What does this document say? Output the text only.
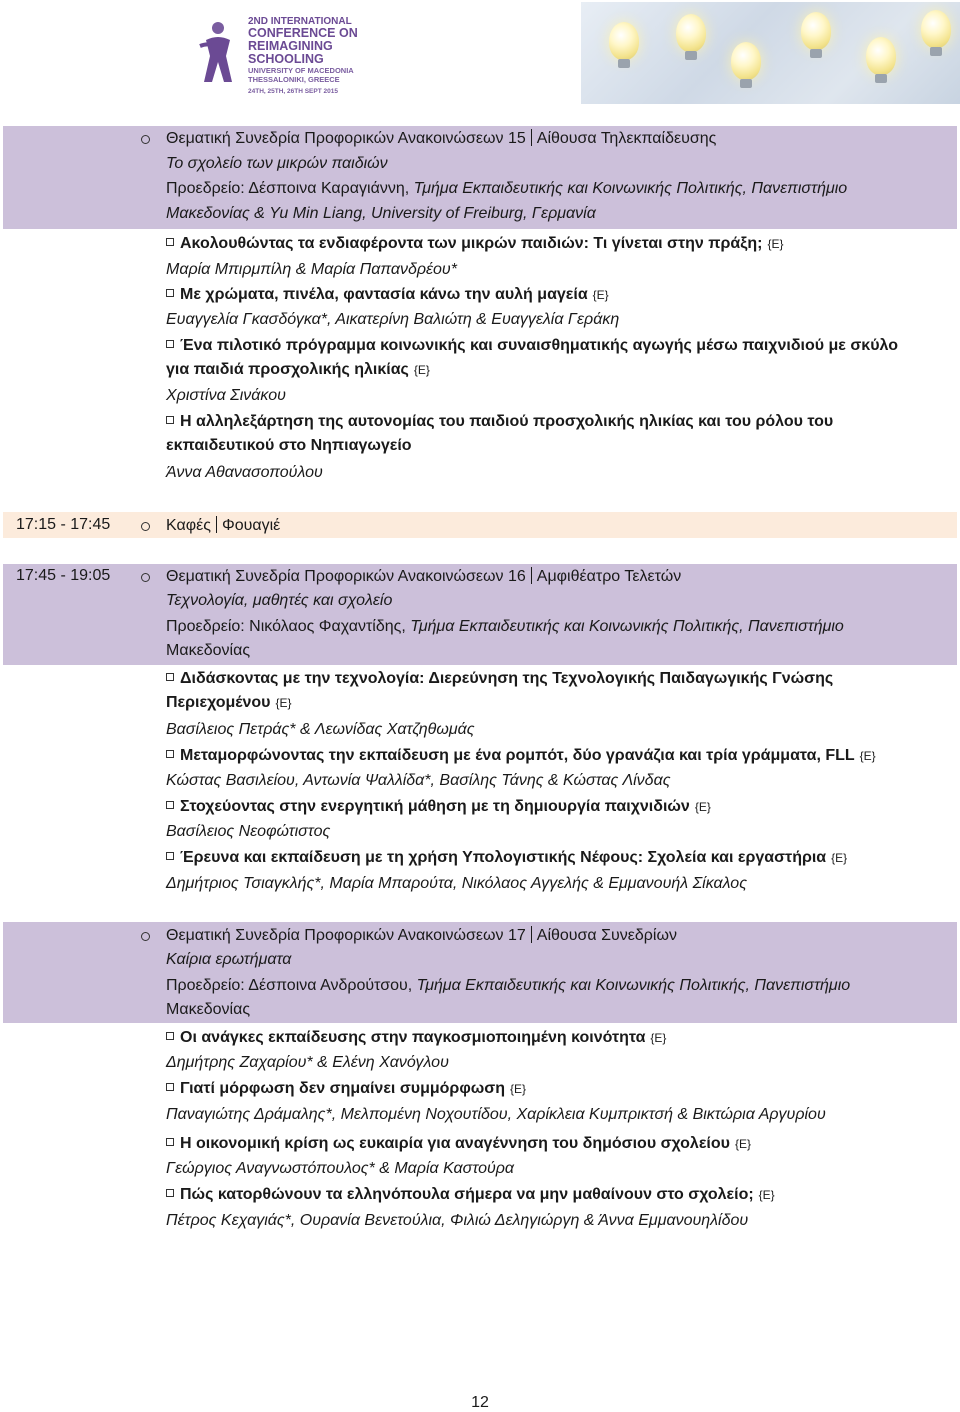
2ND INTERNATIONAL
CONFERENCE ON
REIMAGINING
SCHOOLING
UNIVERSITY OF MACEDONIA
THESSALONIKI, GREECE
24TH, 25TH, 26TH SEPT 2015
Θεματική Συνεδρία Προφορικών Ανακοινώσεων 15 Αίθουσα Τηλεκπαίδευσης
Το σχολείο των μικρών παιδιών
Προεδρείο: Δέσποινα Καραγιάννη, Τμήμα Εκπαιδευτικής και Κοινωνικής Πολιτικής, Πανεπιστήμιο
Μακεδονίας & Yu Min Liang, University of Freiburg, Γερμανία
Ακολουθώντας τα ενδιαφέροντα των μικρών παιδιών: Τι γίνεται στην πράξη; {E}
Μαρία Μπιρμπίλη & Μαρία Παπανδρέου*
Με χρώματα, πινέλα, φαντασία κάνω την αυλή μαγεία {E}
Ευαγγελία Γκασδόγκα*, Αικατερίνη Βαλιώτη & Ευαγγελία Γεράκη
Ένα πιλοτικό πρόγραμμα κοινωνικής και συναισθηματικής αγωγής μέσω παιχνιδιού με σκύλο
για παιδιά προσχολικής ηλικίας {E}
Χριστίνα Σινάκου
Η αλληλεξάρτηση της αυτονομίας του παιδιού προσχολικής ηλικίας και του ρόλου του
εκπαιδευτικού στο Νηπιαγωγείο
Άννα Αθανασοπούλου
17:15 - 17:45	Καφές Φουαγιέ
17:45 - 19:05	Θεματική Συνεδρία Προφορικών Ανακοινώσεων 16 Αμφιθέατρο Τελετών
Τεχνολογία, μαθητές και σχολείο
Προεδρείο: Νικόλαος Φαχαντίδης, Τμήμα Εκπαιδευτικής και Κοινωνικής Πολιτικής, Πανεπιστήμιο
Μακεδονίας
Διδάσκοντας με την τεχνολογία: Διερεύνηση της Τεχνολογικής Παιδαγωγικής Γνώσης
Περιεχομένου {E}
Βασίλειος Πετράς* & Λεωνίδας Χατζηθωμάς
Μεταμορφώνοντας την εκπαίδευση με ένα ρομπότ, δύο γρανάζια και τρία γράμματα, FLL {E}
Κώστας Βασιλείου, Αντωνία Ψαλλίδα*, Βασίλης Τάνης & Κώστας Λίνδας
Στοχεύοντας στην ενεργητική μάθηση με τη δημιουργία παιχνιδιών {E}
Βασίλειος Νεοφώτιστος
Έρευνα και εκπαίδευση με τη χρήση Υπολογιστικής Νέφους: Σχολεία και εργαστήρια {E}
Δημήτριος Τσιαγκλής*, Μαρία Μπαρούτα, Νικόλαος Αγγελής & Εμμανουήλ Σίκαλος
Θεματική Συνεδρία Προφορικών Ανακοινώσεων 17 Αίθουσα Συνεδρίων
Καίρια ερωτήματα
Προεδρείο: Δέσποινα Ανδρούτσου, Τμήμα Εκπαιδευτικής και Κοινωνικής Πολιτικής, Πανεπιστήμιο
Μακεδονίας
Οι ανάγκες εκπαίδευσης στην παγκοσμιοποιημένη κοινότητα {E}
Δημήτρης Ζαχαρίου* & Ελένη Χανόγλου
Γιατί μόρφωση δεν σημαίνει συμμόρφωση {E}
Παναγιώτης Δράμαλης*, Μελπομένη Νοχουτίδου, Χαρίκλεια Κυμπρικτσή & Βικτώρια Αργυρίου
Η οικονομική κρίση ως ευκαιρία για αναγέννηση του δημόσιου σχολείου {E}
Γεώργιος Αναγνωστόπουλος* & Μαρία Καστούρα
Πώς κατορθώνουν τα ελληνόπουλα σήμερα να μην μαθαίνουν στο σχολείο; {E}
Πέτρος Κεχαγιάς*, Ουρανία Βενετούλια, Φιλιώ Δεληγιώργη & Άννα Εμμανουηλίδου
12
